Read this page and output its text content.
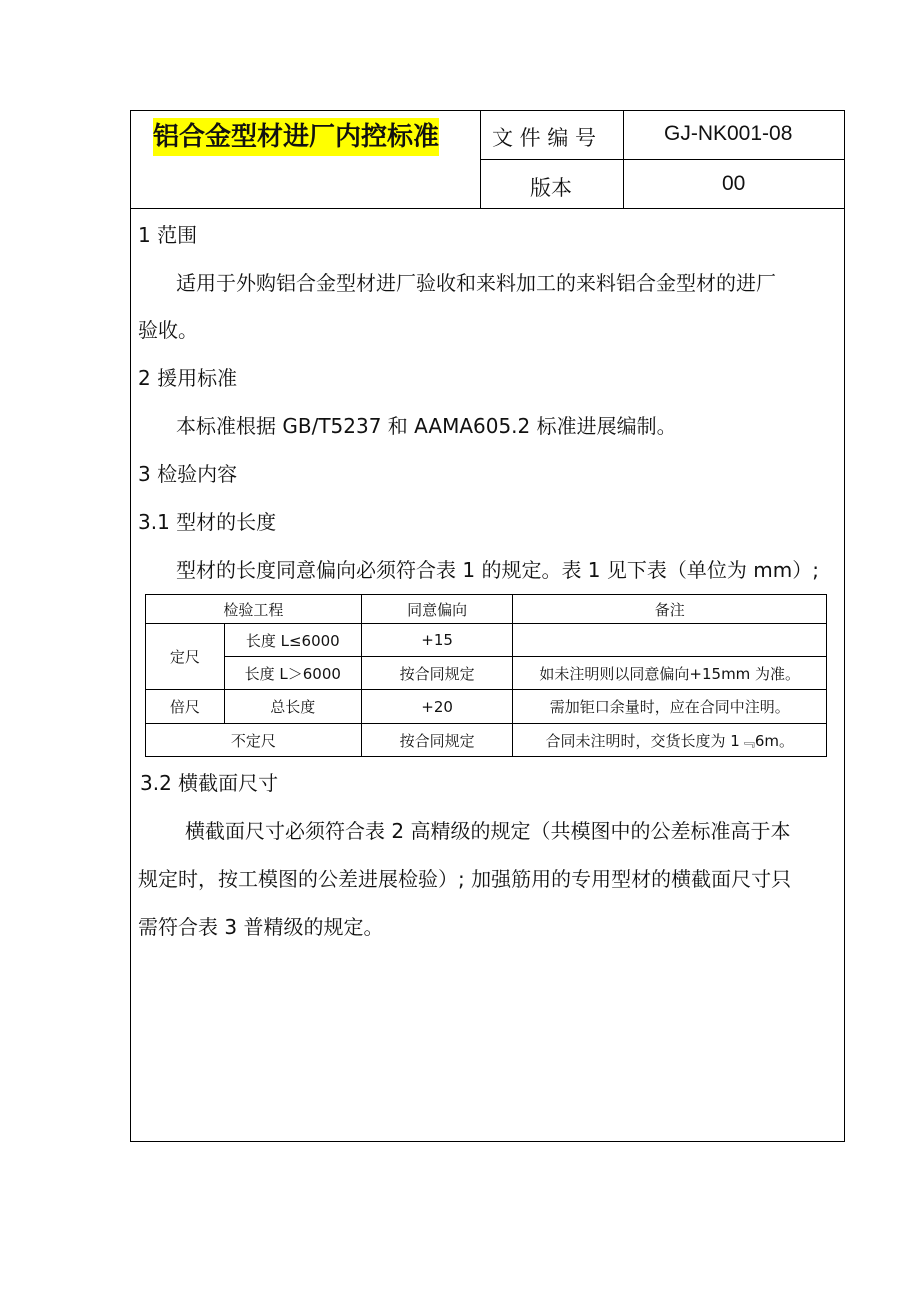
铝合金型材进厂内控标准	文 件 编 号	GJ-NK001-08
版本	00
1 范围
适用于外购铝合金型材进厂验收和来料加工的来料铝合金型材的进厂
验收。
2 援用标准
本标准根据 GB/T5237 和 AAMA605.2 标准进展编制。
3 检验内容
3.1 型材的长度
型材的长度同意偏向必须符合表 1 的规定。表 1 见下表（单位为 mm）;
检验工程		同意偏向	备注
定尺	长度 L≤6000	+15	
	长度 L＞6000	按合同规定	如未注明则以同意偏向+15mm 为准。
倍尺	总长度	+20	需加钜口余量时，应在合同中注明。
不定尺		按合同规定	合同未注明时，交货长度为 1﹃6m。
3.2 横截面尺寸
横截面尺寸必须符合表 2 高精级的规定（共模图中的公差标准高于本
规定时，按工模图的公差进展检验）; 加强筋用的专用型材的横截面尺寸只
需符合表 3 普精级的规定。
